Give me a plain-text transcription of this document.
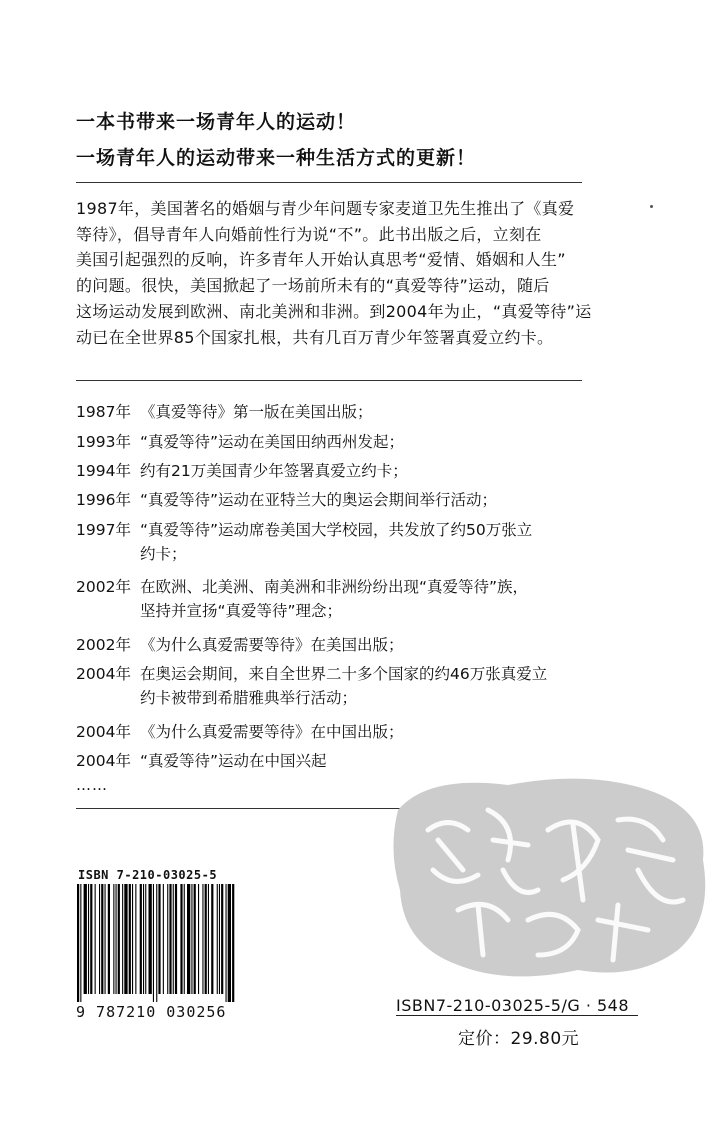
一本书带来一场青年人的运动！
一场青年人的运动带来一种生活方式的更新！
1987年，美国著名的婚姻与青少年问题专家麦道卫先生推出了《真爱
等待》，倡导青年人向婚前性行为说“不”。此书出版之后，立刻在
美国引起强烈的反响，许多青年人开始认真思考“爱情、婚姻和人生”
的问题。很快，美国掀起了一场前所未有的“真爱等待”运动，随后
这场运动发展到欧洲、南北美洲和非洲。到2004年为止，“真爱等待”运
动已在全世界85个国家扎根，共有几百万青少年签署真爱立约卡。
1987年 《真爱等待》第一版在美国出版；
1993年 “真爱等待”运动在美国田纳西州发起；
1994年 约有21万美国青少年签署真爱立约卡；
1996年 “真爱等待”运动在亚特兰大的奥运会期间举行活动；
1997年 “真爱等待”运动席卷美国大学校园，共发放了约50万张立
约卡；
2002年 在欧洲、北美洲、南美洲和非洲纷纷出现“真爱等待”族，
坚持并宣扬“真爱等待”理念；
2002年 《为什么真爱需要等待》在美国出版；
2004年 在奥运会期间，来自全世界二十多个国家的约46万张真爱立
约卡被带到希腊雅典举行活动；
2004年 《为什么真爱需要等待》在中国出版；
2004年 “真爱等待”运动在中国兴起
……
ISBN 7-210-03025-5
9 787210 030256	ISBN7-210-03025-5/G · 548
定价：29.80元
